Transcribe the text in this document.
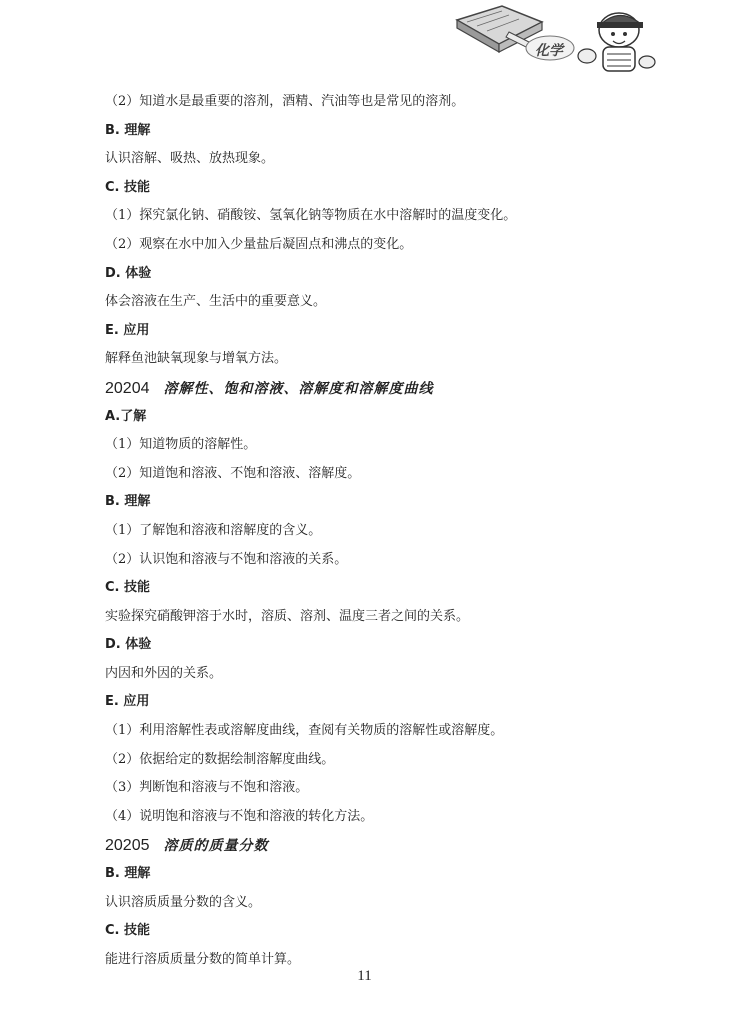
化学
（2）知道水是最重要的溶剂，酒精、汽油等也是常见的溶剂。
B. 理解
认识溶解、吸热、放热现象。
C. 技能
（1）探究氯化钠、硝酸铵、氢氧化钠等物质在水中溶解时的温度变化。
（2）观察在水中加入少量盐后凝固点和沸点的变化。
D. 体验
体会溶液在生产、生活中的重要意义。
E. 应用
解释鱼池缺氧现象与增氧方法。
20204 溶解性、饱和溶液、溶解度和溶解度曲线
A.了解
（1）知道物质的溶解性。
（2）知道饱和溶液、不饱和溶液、溶解度。
B. 理解
（1）了解饱和溶液和溶解度的含义。
（2）认识饱和溶液与不饱和溶液的关系。
C. 技能
实验探究硝酸钾溶于水时，溶质、溶剂、温度三者之间的关系。
D. 体验
内因和外因的关系。
E. 应用
（1）利用溶解性表或溶解度曲线，查阅有关物质的溶解性或溶解度。
（2）依据给定的数据绘制溶解度曲线。
（3）判断饱和溶液与不饱和溶液。
（4）说明饱和溶液与不饱和溶液的转化方法。
20205 溶质的质量分数
B. 理解
认识溶质质量分数的含义。
C. 技能
能进行溶质质量分数的简单计算。
11
